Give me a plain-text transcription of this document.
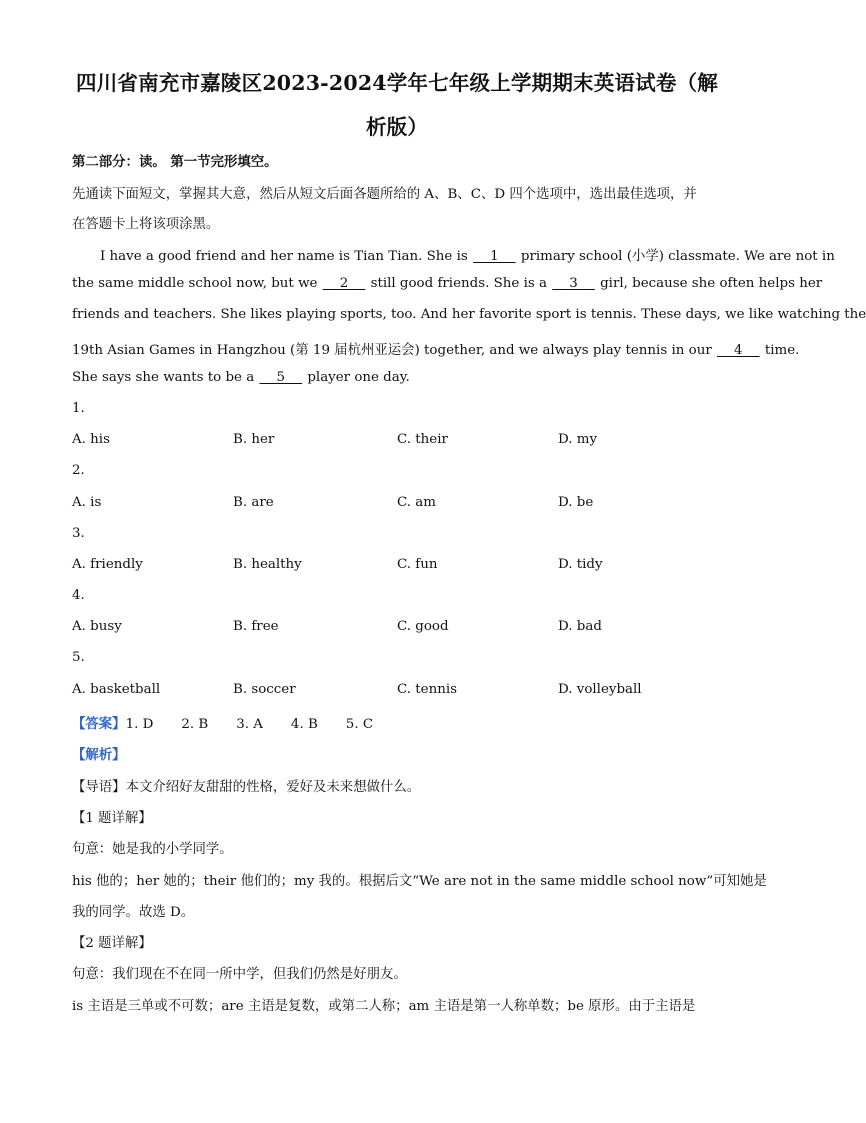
四川省南充市嘉陵区2023-2024学年七年级上学期期末英语试卷（解
析版）
第二部分：读。 第一节完形填空。
先通读下面短文，掌握其大意，然后从短文后面各题所给的 A、B、C、D 四个选项中，选出最佳选项，并
在答题卡上将该项涂黑。
I have a good friend and her name is Tian Tian. She is     1     primary school (小学) classmate. We are not in
the same middle school now, but we     2     still good friends. She is a     3     girl, because she often helps her
friends and teachers. She likes playing sports, too. And her favorite sport is tennis. These days, we like watching the
19th Asian Games in Hangzhou (第 19 届杭州亚运会) together, and we always play tennis in our     4     time.
She says she wants to be a     5     player one day.
1.
A. his	B. her	C. their	D. my
2.
A. is	B. are	C. am	D. be
3.
A. friendly	B. healthy	C. fun	D. tidy
4.
A. busy	B. free	C. good	D. bad
5.
A. basketball	B. soccer	C. tennis	D. volleyball
【答案】1. D 2. B 3. A 4. B 5. C
【解析】
【导语】本文介绍好友甜甜的性格，爱好及未来想做什么。
【1 题详解】
句意：她是我的小学同学。
his 他的；her 她的；their 他们的；my 我的。根据后文“We are not in the same middle school now”可知她是
我的同学。故选 D。
【2 题详解】
句意：我们现在不在同一所中学，但我们仍然是好朋友。
is 主语是三单或不可数；are 主语是复数，或第二人称；am 主语是第一人称单数；be 原形。由于主语是
